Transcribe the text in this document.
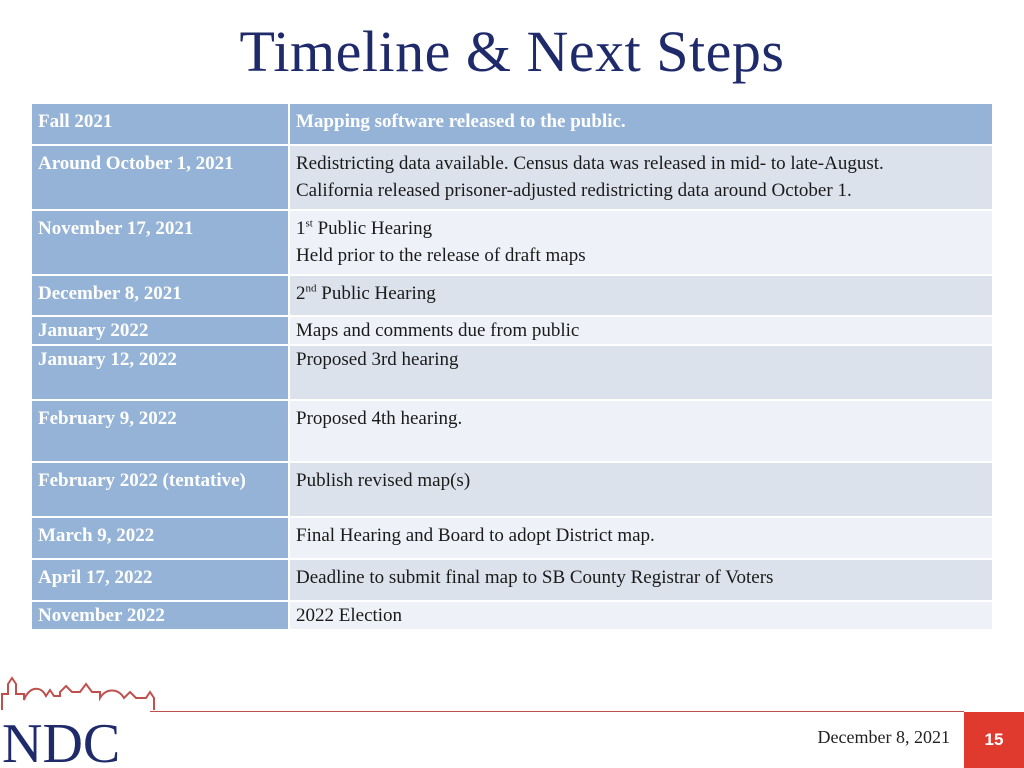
Timeline & Next Steps
Fall 2021	Mapping software released to the public.
Around October 1, 2021	Redistricting data available. Census data was released in mid- to late-August.
California released prisoner-adjusted redistricting data around October 1.

November 17, 2021	1st Public Hearing
Held prior to the release of draft maps

December 8, 2021	2nd Public Hearing
January 2022	Maps and comments due from public
January 12, 2022	Proposed 3rd hearing
February 9, 2022	Proposed 4th hearing.
February 2022 (tentative)	Publish revised map(s)
March 9, 2022	Final Hearing and Board to adopt District map.
April 17, 2022	Deadline to submit final map to SB County Registrar of Voters
November 2022	2022 Election
NDC	December 8, 2021	15
